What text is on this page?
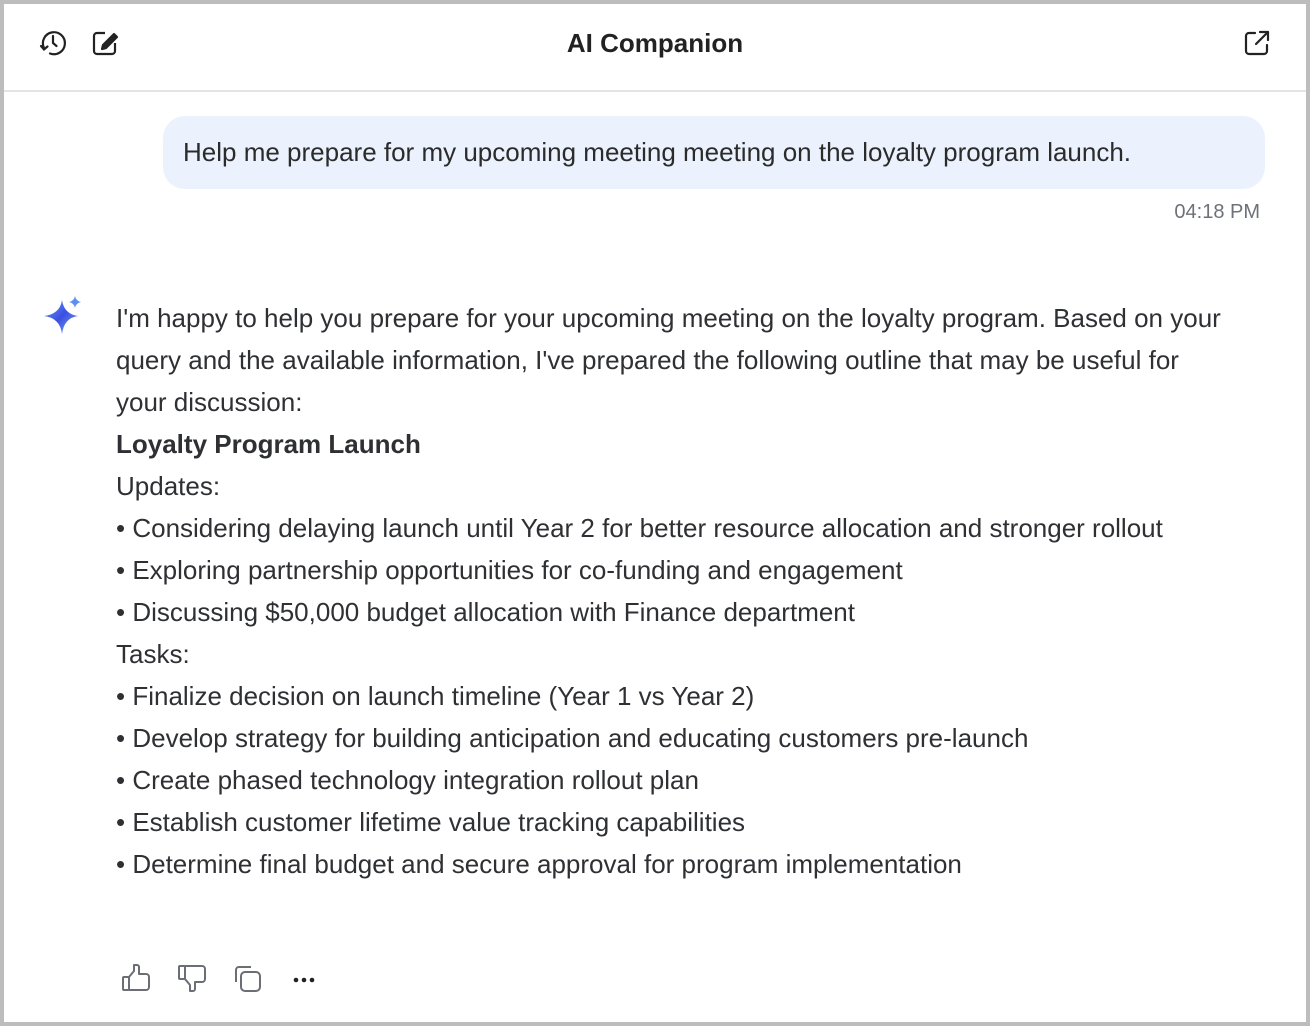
AI Companion
Help me prepare for my upcoming meeting meeting on the loyalty program launch.
04:18 PM
I'm happy to help you prepare for your upcoming meeting on the loyalty program. Based on your query and the available information, I've prepared the following outline that may be useful for your discussion:
Loyalty Program Launch
Updates:
• Considering delaying launch until Year 2 for better resource allocation and stronger rollout
• Exploring partnership opportunities for co-funding and engagement
• Discussing $50,000 budget allocation with Finance department
Tasks:
• Finalize decision on launch timeline (Year 1 vs Year 2)
• Develop strategy for building anticipation and educating customers pre-launch
• Create phased technology integration rollout plan
• Establish customer lifetime value tracking capabilities
• Determine final budget and secure approval for program implementation
